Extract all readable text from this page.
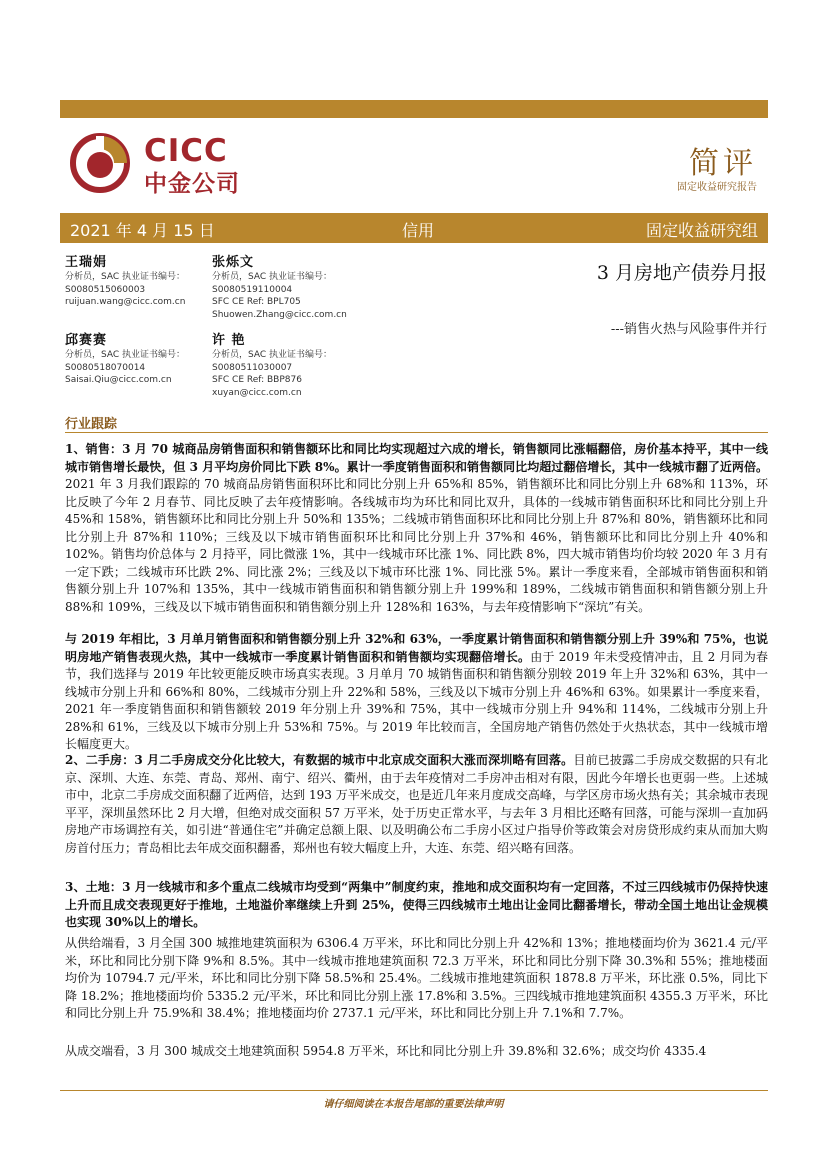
CICC
中金公司
简评
固定收益研究报告
2021 年 4 月 15 日	信用	固定收益研究组
王瑞娟
分析员，SAC 执业证书编号：
S0080515060003
ruijuan.wang@cicc.com.cn
张烁文
分析员，SAC 执业证书编号：
S0080519110004
SFC CE Ref: BPL705
Shuowen.Zhang@cicc.com.cn
邱赛赛
分析员，SAC 执业证书编号：
S0080518070014
Saisai.Qiu@cicc.com.cn
许 艳
分析员，SAC 执业证书编号：
S0080511030007
SFC CE Ref: BBP876
xuyan@cicc.com.cn
3 月房地产债券月报
---销售火热与风险事件并行
行业跟踪

1、销售：3 月 70 城商品房销售面积和销售额环比和同比均实现超过六成的增长，销售额同比涨幅翻倍，房价基本持平，其中一线城市销售增长最快，但 3 月平均房价同比下跌 8%。累计一季度销售面积和销售额同比均超过翻倍增长，其中一线城市翻了近两倍。2021 年 3 月我们跟踪的 70 城商品房销售面积环比和同比分别上升 65%和 85%，销售额环比和同比分别上升 68%和 113%，环比反映了今年 2 月春节、同比反映了去年疫情影响。各线城市均为环比和同比双升，具体的一线城市销售面积环比和同比分别上升 45%和 158%，销售额环比和同比分别上升 50%和 135%；二线城市销售面积环比和同比分别上升 87%和 80%，销售额环比和同比分别上升 87%和 110%；三线及以下城市销售面积环比和同比分别上升 37%和 46%，销售额环比和同比分别上升 40%和 102%。销售均价总体与 2 月持平，同比微涨 1%，其中一线城市环比涨 1%、同比跌 8%，四大城市销售均价均较 2020 年 3 月有一定下跌；二线城市环比跌 2%、同比涨 2%；三线及以下城市环比涨 1%、同比涨 5%。累计一季度来看，全部城市销售面积和销售额分别上升 107%和 135%，其中一线城市销售面积和销售额分别上升 199%和 189%，二线城市销售面积和销售额分别上升 88%和 109%，三线及以下城市销售面积和销售额分别上升 128%和 163%，与去年疫情影响下“深坑”有关。

与 2019 年相比，3 月单月销售面积和销售额分别上升 32%和 63%，一季度累计销售面积和销售额分别上升 39%和 75%，也说明房地产销售表现火热，其中一线城市一季度累计销售面积和销售额均实现翻倍增长。由于 2019 年未受疫情冲击，且 2 月同为春节，我们选择与 2019 年比较更能反映市场真实表现。3 月单月 70 城销售面积和销售额分别较 2019 年上升 32%和 63%，其中一线城市分别上升和 66%和 80%，二线城市分别上升 22%和 58%，三线及以下城市分别上升 46%和 63%。如果累计一季度来看，2021 年一季度销售面积和销售额较 2019 年分别上升 39%和 75%，其中一线城市分别上升 94%和 114%，二线城市分别上升 28%和 61%，三线及以下城市分别上升 53%和 75%。与 2019 年比较而言，全国房地产销售仍然处于火热状态，其中一线城市增长幅度更大。

2、二手房：3 月二手房成交分化比较大，有数据的城市中北京成交面积大涨而深圳略有回落。目前已披露二手房成交数据的只有北京、深圳、大连、东莞、青岛、郑州、南宁、绍兴、衢州，由于去年疫情对二手房冲击相对有限，因此今年增长也更弱一些。上述城市中，北京二手房成交面积翻了近两倍，达到 193 万平米成交，也是近几年来月度成交高峰，与学区房市场火热有关；其余城市表现平平，深圳虽然环比 2 月大增，但绝对成交面积 57 万平米，处于历史正常水平，与去年 3 月相比还略有回落，可能与深圳一直加码房地产市场调控有关，如引进“普通住宅”并确定总额上限、以及明确公布二手房小区过户指导价等政策会对房贷形成约束从而加大购房首付压力；青岛相比去年成交面积翻番，郑州也有较大幅度上升，大连、东莞、绍兴略有回落。

3、土地：3 月一线城市和多个重点二线城市均受到“两集中”制度约束，推地和成交面积均有一定回落，不过三四线城市仍保持快速上升而且成交表现更好于推地，土地溢价率继续上升到 25%，使得三四线城市土地出让金同比翻番增长，带动全国土地出让金规模也实现 30%以上的增长。

从供给端看，3 月全国 300 城推地建筑面积为 6306.4 万平米，环比和同比分别上升 42%和 13%；推地楼面均价为 3621.4 元/平米，环比和同比分别下降 9%和 8.5%。其中一线城市推地建筑面积 72.3 万平米，环比和同比分别下降 30.3%和 55%；推地楼面均价为 10794.7 元/平米，环比和同比分别下降 58.5%和 25.4%。二线城市推地建筑面积 1878.8 万平米，环比涨 0.5%，同比下降 18.2%；推地楼面均价 5335.2 元/平米，环比和同比分别上涨 17.8%和 3.5%。三四线城市推地建筑面积 4355.3 万平米，环比和同比分别上升 75.9%和 38.4%；推地楼面均价 2737.1 元/平米，环比和同比分别上升 7.1%和 7.7%。

从成交端看，3 月 300 城成交土地建筑面积 5954.8 万平米，环比和同比分别上升 39.8%和 32.6%；成交均价 4335.4

请仔细阅读在本报告尾部的重要法律声明
